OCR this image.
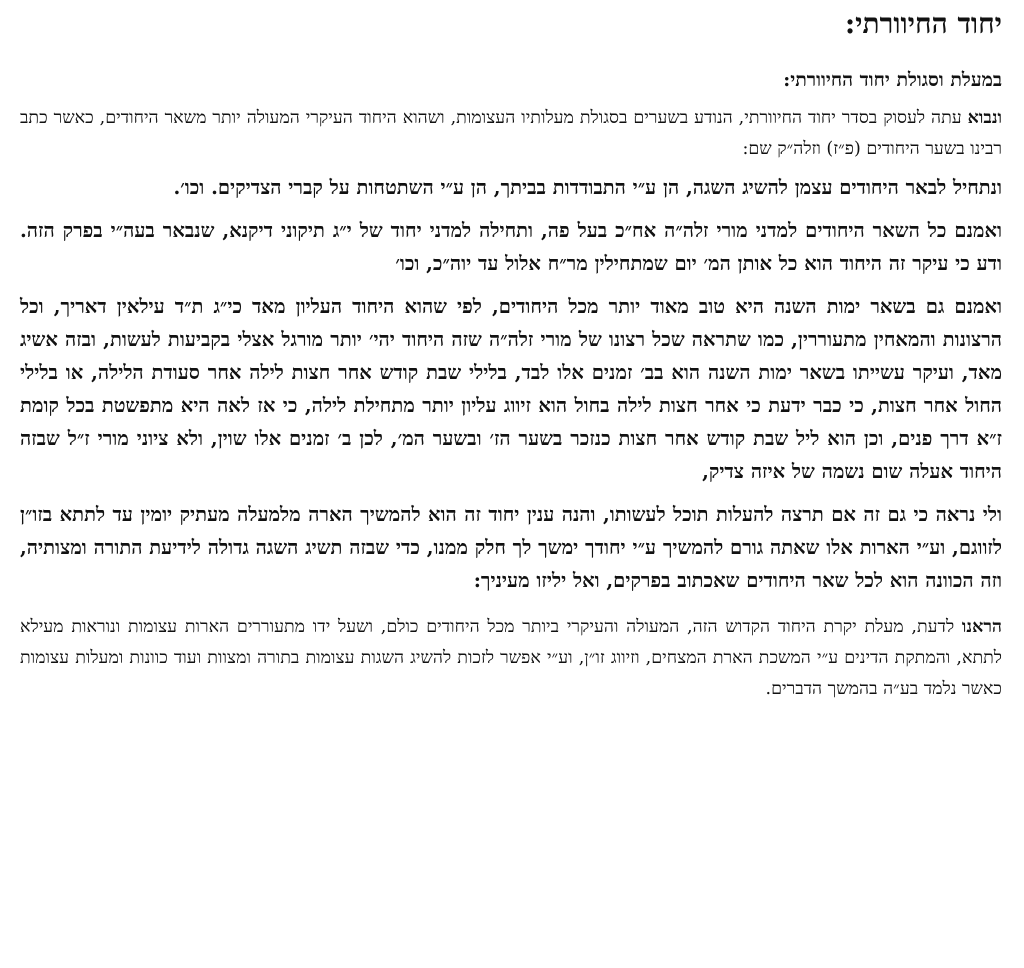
יחוד החיוורתי:
במעלת וסגולת יחוד החיוורתי:

ונבוא עתה לעסוק בסדר יחוד החיוורתי, הנודע בשערים בסגולת מעלותיו העצומות, ושהוא היחוד העיקרי המעולה יותר משאר היחודים, כאשר כתב רבינו בשער היחודים (פ״ז) וזלה״ק שם:

ונתחיל לבאר היחודים עצמן להשיג השגה, הן ע״י התבודדות בביתך, הן ע״י השתטחות על קברי הצדיקים. וכו׳.

ואמנם כל השאר היחודים למדני מורי זלה״ה אח״כ בעל פה, ותחילה למדני יחוד של י״ג תיקוני דיקנא, שנבאר בעה״י בפרק הזה. ודע כי עיקר זה היחוד הוא כל אותן המ׳ יום שמתחילין מר״ח אלול עד יוה״כ, וכו׳

ואמנם גם בשאר ימות השנה היא טוב מאוד יותר מכל היחודים, לפי שהוא היחוד העליון מאד כי״ג ת״ד עילאין דאריך, וכל הרצונות והמאחין מתעוררין, כמו שתראה שכל רצונו של מורי זלה״ה שזה היחוד יהי׳ יותר מורגל אצלי בקביעות לעשות, ובזה אשיג מאד, ועיקר עשייתו בשאר ימות השנה הוא בב׳ זמנים אלו לבד, בלילי שבת קודש אחר חצות לילה אחר סעודת הלילה, או בלילי החול אחר חצות, כי כבר ידעת כי אחר חצות לילה בחול הוא זיווג עליון יותר מתחילת לילה, כי אז לאה היא מתפשטת בכל קומת ז״א דרך פנים, וכן הוא ליל שבת קודש אחר חצות כנזכר בשער הז׳ ובשער המ׳, לכן ב׳ זמנים אלו שוין, ולא ציוני מורי ז״ל שבזה היחוד אעלה שום נשמה של איזה צדיק,

ולי נראה כי גם זה אם תרצה להעלות תוכל לעשותו, והנה ענין יחוד זה הוא להמשיך הארה מלמעלה מעתיק יומין עד לתתא בזו״ן לזווגם, וע״י הארות אלו שאתה גורם להמשיך ע״י יחודך ימשך לך חלק ממנו, כדי שבזה תשיג השגה גדולה לידיעת התורה ומצותיה, וזה הכוונה הוא לכל שאר היחודים שאכתוב בפרקים, ואל יליזו מעיניך:

הראנו לדעת, מעלת יקרת היחוד הקדוש הזה, המעולה והעיקרי ביותר מכל היחודים כולם, ושעל ידו מתעוררים הארות עצומות ונוראות מעילא לתתא, והמתקת הדינים ע״י המשכת הארת המצחים, וזיווג זו״ן, וע״י אפשר לזכות להשיג השגות עצומות בתורה ומצוות ועוד כוונות ומעלות עצומות כאשר נלמד בע״ה בהמשך הדברים.
